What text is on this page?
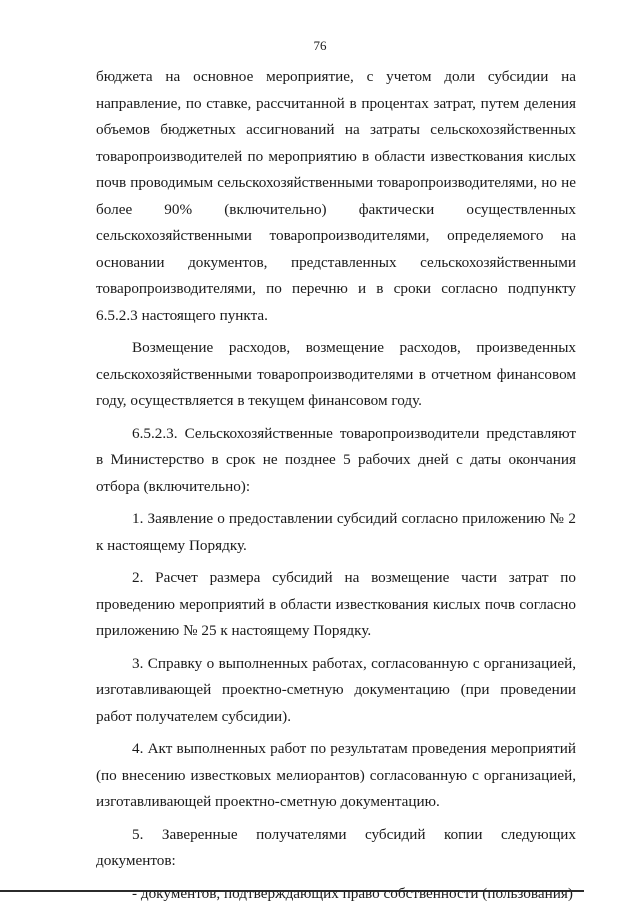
76

бюджета на основное мероприятие, с учетом доли субсидии на направление, по ставке, рассчитанной в процентах затрат, путем деления объемов бюджетных ассигнований на затраты сельскохозяйственных товаропроизводителей по мероприятию в области известкования кислых почв проводимым сельскохозяйственными товаропроизводителями, но не более 90% (включительно) фактически осуществленных сельскохозяйственными товаропроизводителями, определяемого на основании документов, представленных сельскохозяйственными товаропроизводителями, по перечню и в сроки согласно подпункту 6.5.2.3 настоящего пункта.

Возмещение расходов, возмещение расходов, произведенных сельскохозяйственными товаропроизводителями в отчетном финансовом году, осуществляется в текущем финансовом году.

6.5.2.3. Сельскохозяйственные товаропроизводители представляют в Министерство в срок не позднее 5 рабочих дней с даты окончания отбора (включительно):

1. Заявление о предоставлении субсидий согласно приложению № 2 к настоящему Порядку.

2. Расчет размера субсидий на возмещение части затрат по проведению мероприятий в области известкования кислых почв согласно приложению № 25 к настоящему Порядку.

3. Справку о выполненных работах, согласованную с организацией, изготавливающей проектно-сметную документацию (при проведении работ получателем субсидии).

4. Акт выполненных работ по результатам проведения мероприятий (по внесению известковых мелиорантов) согласованную с организацией, изготавливающей проектно-сметную документацию.

5. Заверенные получателями субсидий копии следующих документов:

- документов, подтверждающих право собственности (пользования)
